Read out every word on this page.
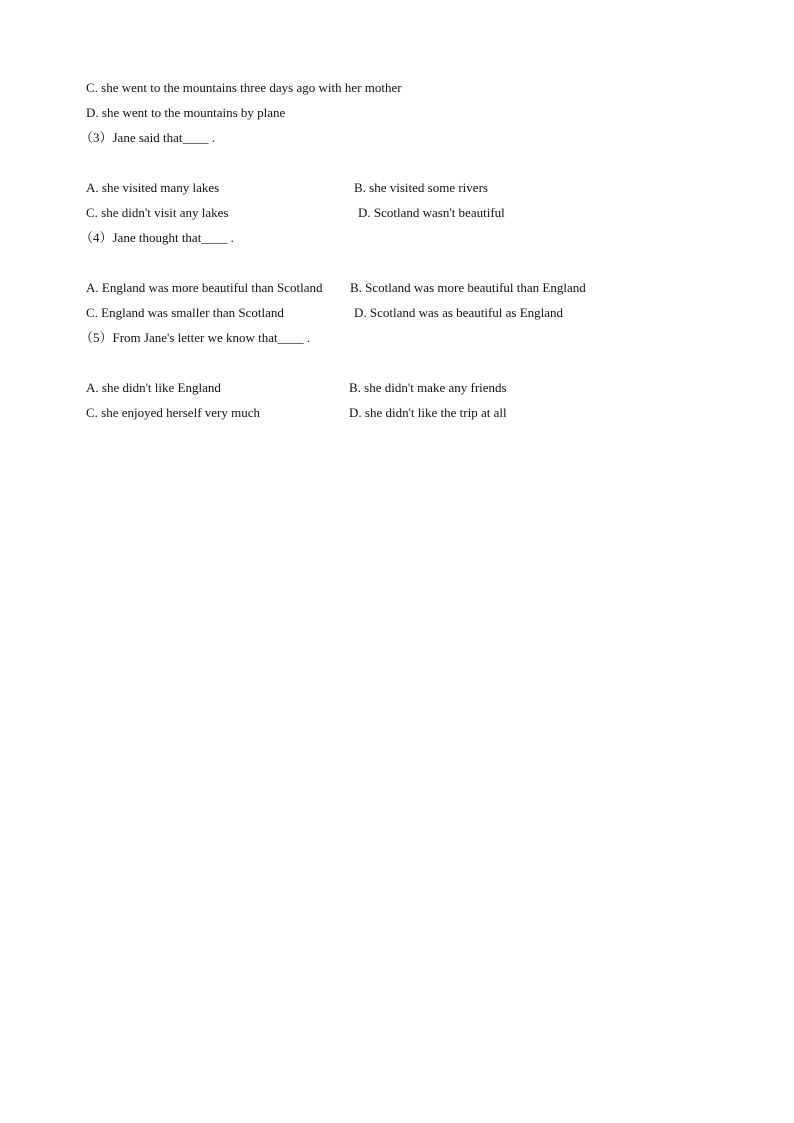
C. she went to the mountains three days ago with her mother
D. she went to the mountains by plane
（3）Jane said that____ .
A. she visited many lakes	B. she visited some rivers
C. she didn't visit any lakes	D. Scotland wasn't beautiful
（4）Jane thought that____ .
A. England was more beautiful than Scotland B. Scotland was more beautiful than England
C. England was smaller than Scotland	D. Scotland was as beautiful as England
（5）From Jane's letter we know that____ .
A. she didn't like England	B. she didn't make any friends
C. she enjoyed herself very much	D. she didn't like the trip at all
